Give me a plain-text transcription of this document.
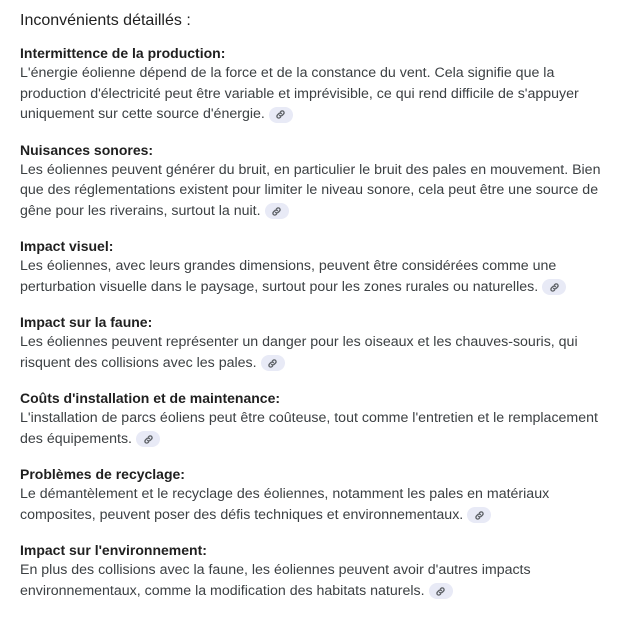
Inconvénients détaillés :

Intermittence de la production:

L'énergie éolienne dépend de la force et de la constance du vent. Cela signifie que la production d'électricité peut être variable et imprévisible, ce qui rend difficile de s'appuyer uniquement sur cette source d'énergie.

Nuisances sonores:

Les éoliennes peuvent générer du bruit, en particulier le bruit des pales en mouvement. Bien que des réglementations existent pour limiter le niveau sonore, cela peut être une source de gêne pour les riverains, surtout la nuit.

Impact visuel:

Les éoliennes, avec leurs grandes dimensions, peuvent être considérées comme une perturbation visuelle dans le paysage, surtout pour les zones rurales ou naturelles.

Impact sur la faune:

Les éoliennes peuvent représenter un danger pour les oiseaux et les chauves-souris, qui risquent des collisions avec les pales.

Coûts d'installation et de maintenance:

L'installation de parcs éoliens peut être coûteuse, tout comme l'entretien et le remplacement des équipements.

Problèmes de recyclage:

Le démantèlement et le recyclage des éoliennes, notamment les pales en matériaux composites, peuvent poser des défis techniques et environnementaux.

Impact sur l'environnement:

En plus des collisions avec la faune, les éoliennes peuvent avoir d'autres impacts environnementaux, comme la modification des habitats naturels.
